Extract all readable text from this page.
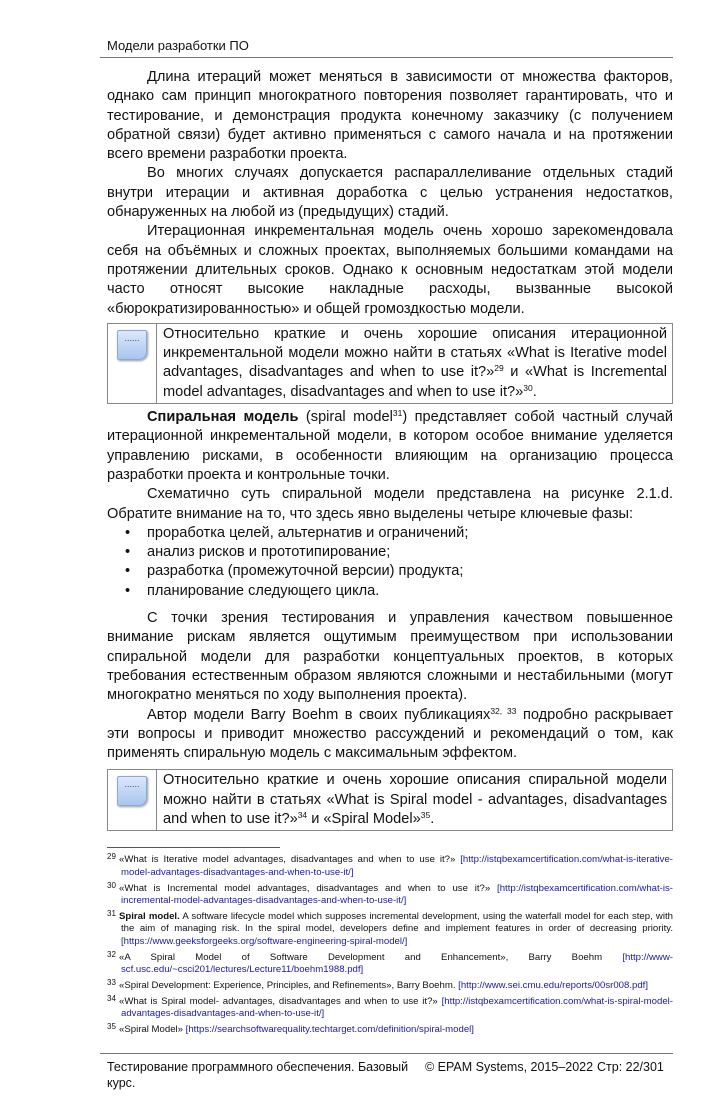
Модели разработки ПО

Длина итераций может меняться в зависимости от множества факторов, однако сам принцип многократного повторения позволяет гарантировать, что и тестирование, и демонстрация продукта конечному заказчику (с получением обратной связи) будет активно применяться с самого начала и на протяжении всего времени разработки проекта.

Во многих случаях допускается распараллеливание отдельных стадий внутри итерации и активная доработка с целью устранения недостатков, обнаруженных на любой из (предыдущих) стадий.

Итерационная инкрементальная модель очень хорошо зарекомендовала себя на объёмных и сложных проектах, выполняемых большими командами на протяжении длительных сроков. Однако к основным недостаткам этой модели часто относят высокие накладные расходы, вызванные высокой «бюрократизированностью» и общей громоздкостью модели.

......	Относительно краткие и очень хорошие описания итерационной инкрементальной модели можно найти в статьях «What is Iterative model advantages, disadvantages and when to use it?»$^{29}$ и «What is Incremental model advantages, disadvantages and when to use it?»$^{30}$.

Спиральная модель (spiral model$^{31}$) представляет собой частный случай итерационной инкрементальной модели, в котором особое внимание уделяется управлению рисками, в особенности влияющим на организацию процесса разработки проекта и контрольные точки.

Схематично суть спиральной модели представлена на рисунке 2.1.d. Обратите внимание на то, что здесь явно выделены четыре ключевые фазы:

• проработка целей, альтернатив и ограничений;
• анализ рисков и прототипирование;
• разработка (промежуточной версии) продукта;
• планирование следующего цикла.

С точки зрения тестирования и управления качеством повышенное внимание рискам является ощутимым преимуществом при использовании спиральной модели для разработки концептуальных проектов, в которых требования естественным образом являются сложными и нестабильными (могут многократно меняться по ходу выполнения проекта).

Автор модели Barry Boehm в своих публикациях$^{32, 33}$ подробно раскрывает эти вопросы и приводит множество рассуждений и рекомендаций о том, как применять спиральную модель с максимальным эффектом.

......	Относительно краткие и очень хорошие описания спиральной модели можно найти в статьях «What is Spiral model - advantages, disadvantages and when to use it?»$^{34}$ и «Spiral Model»$^{35}$.
29 «What is Iterative model advantages, disadvantages and when to use it?» [http://istqbexamcertification.com/what-is-iterative-model-advantages-disadvantages-and-when-to-use-it/]
30 «What is Incremental model advantages, disadvantages and when to use it?» [http://istqbexamcertification.com/what-is-incremental-model-advantages-disadvantages-and-when-to-use-it/]
31 Spiral model. A software lifecycle model which supposes incremental development, using the waterfall model for each step, with the aim of managing risk. In the spiral model, developers define and implement features in order of decreasing priority. [https://www.geeksforgeeks.org/software-engineering-spiral-model/]
32 «A Spiral Model of Software Development and Enhancement», Barry Boehm [http://www-scf.usc.edu/~csci201/lectures/Lecture11/boehm1988.pdf]
33 «Spiral Development: Experience, Principles, and Refinements», Barry Boehm. [http://www.sei.cmu.edu/reports/00sr008.pdf]
34 «What is Spiral model- advantages, disadvantages and when to use it?» [http://istqbexamcertification.com/what-is-spiral-model-advantages-disadvantages-and-when-to-use-it/]
35 «Spiral Model» [https://searchsoftwarequality.techtarget.com/definition/spiral-model]
Тестирование программного обеспечения. Базовый курс.
© EPAM Systems, 2015–2022 Стр: 22/301
